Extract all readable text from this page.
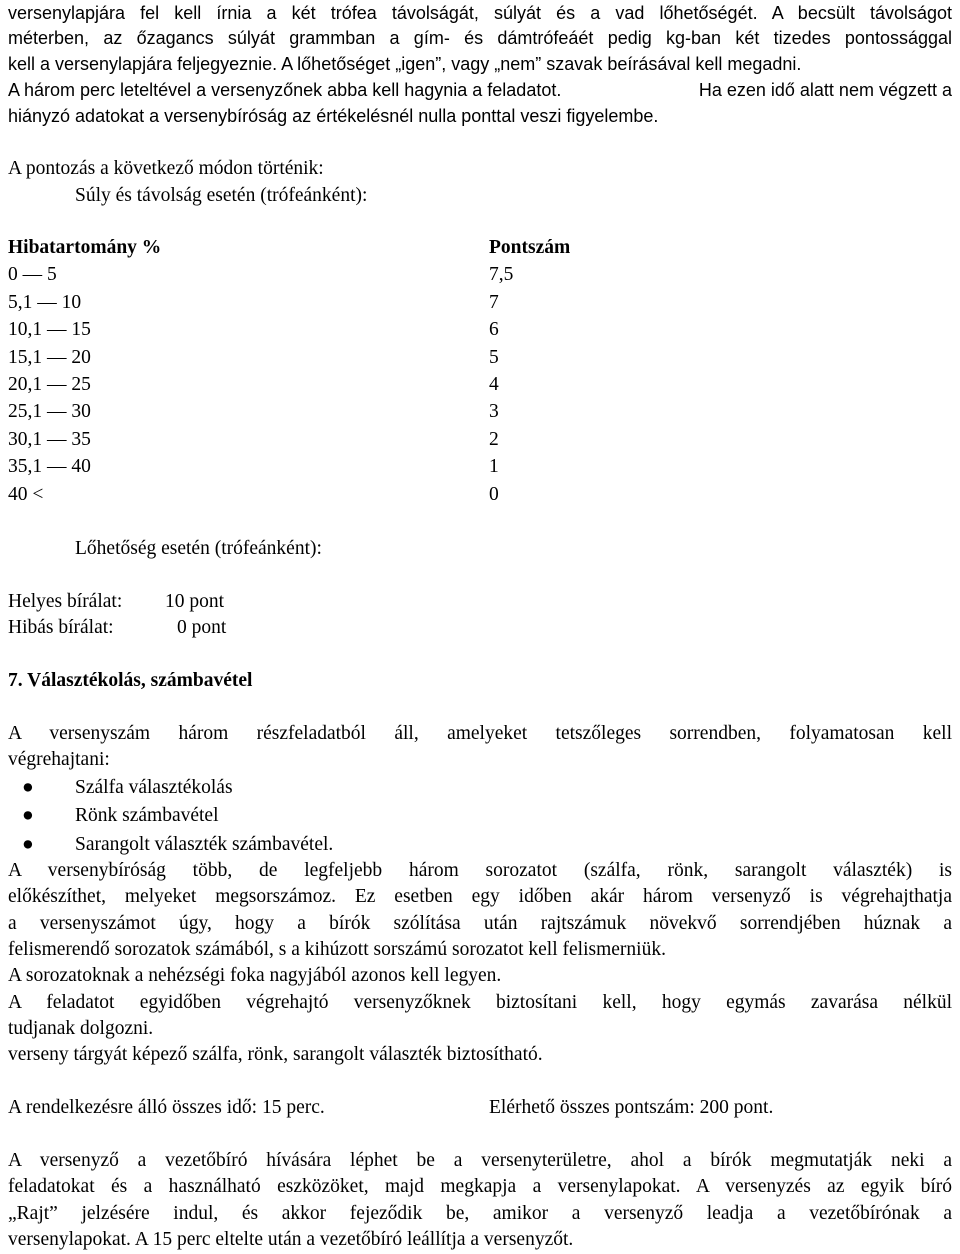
versenylapjára fel kell írnia a két trófea távolságát, súlyát és a vad lőhetőségét. A becsült távolságot
méterben, az őzagancs súlyát grammban a gím- és dámtrófeáét pedig kg-ban két tizedes pontossággal
kell a versenylapjára feljegyeznie. A lőhetőséget „igen”, vagy „nem” szavak beírásával kell megadni.
A három perc leteltével a versenyzőnek abba kell hagynia a feladatot.	Ha ezen idő alatt nem végzett a
hiányzó adatokat a versenybíróság az értékelésnél nulla ponttal veszi figyelembe.
A pontozás a következő módon történik:
Súly és távolság esetén (trófeánként):
Hibatartomány %	Pontszám
0 — 5	7,5
5,1 — 10	7
10,1 — 15	6
15,1 — 20	5
20,1 — 25	4
25,1 — 30	3
30,1 — 35	2
35,1 — 40	1
40 <	0
Lőhetőség esetén (trófeánként):
Helyes bírálat: 10 pont
Hibás bírálat:	0 pont
7. Választékolás, számbavétel
A versenyszám három részfeladatból áll, amelyeket tetszőleges sorrendben, folyamatosan kell
végrehajtani:
● Szálfa választékolás
● Rönk számbavétel
● Sarangolt választék számbavétel.
A versenybíróság több, de legfeljebb három sorozatot (szálfa, rönk, sarangolt választék) is
előkészíthet, melyeket megsorszámoz. Ez esetben egy időben akár három versenyző is végrehajthatja
a versenyszámot úgy, hogy a bírók szólítása után rajtszámuk növekvő sorrendjében húznak a
felismerendő sorozatok számából, s a kihúzott sorszámú sorozatot kell felismerniük.
A sorozatoknak a nehézségi foka nagyjából azonos kell legyen.
A feladatot egyidőben végrehajtó versenyzőknek biztosítani kell, hogy egymás zavarása nélkül
tudjanak dolgozni.
verseny tárgyát képező szálfa, rönk, sarangolt választék biztosítható.
A rendelkezésre álló összes idő: 15 perc.	Elérhető összes pontszám: 200 pont.
A versenyző a vezetőbíró hívására léphet be a versenyterületre, ahol a bírók megmutatják neki a
feladatokat és a használható eszközöket, majd megkapja a versenylapokat. A versenyzés az egyik bíró
„Rajt” jelzésére indul, és akkor fejeződik be, amikor a versenyző leadja a vezetőbírónak a
versenylapokat. A 15 perc eltelte után a vezetőbíró leállítja a versenyzőt.
